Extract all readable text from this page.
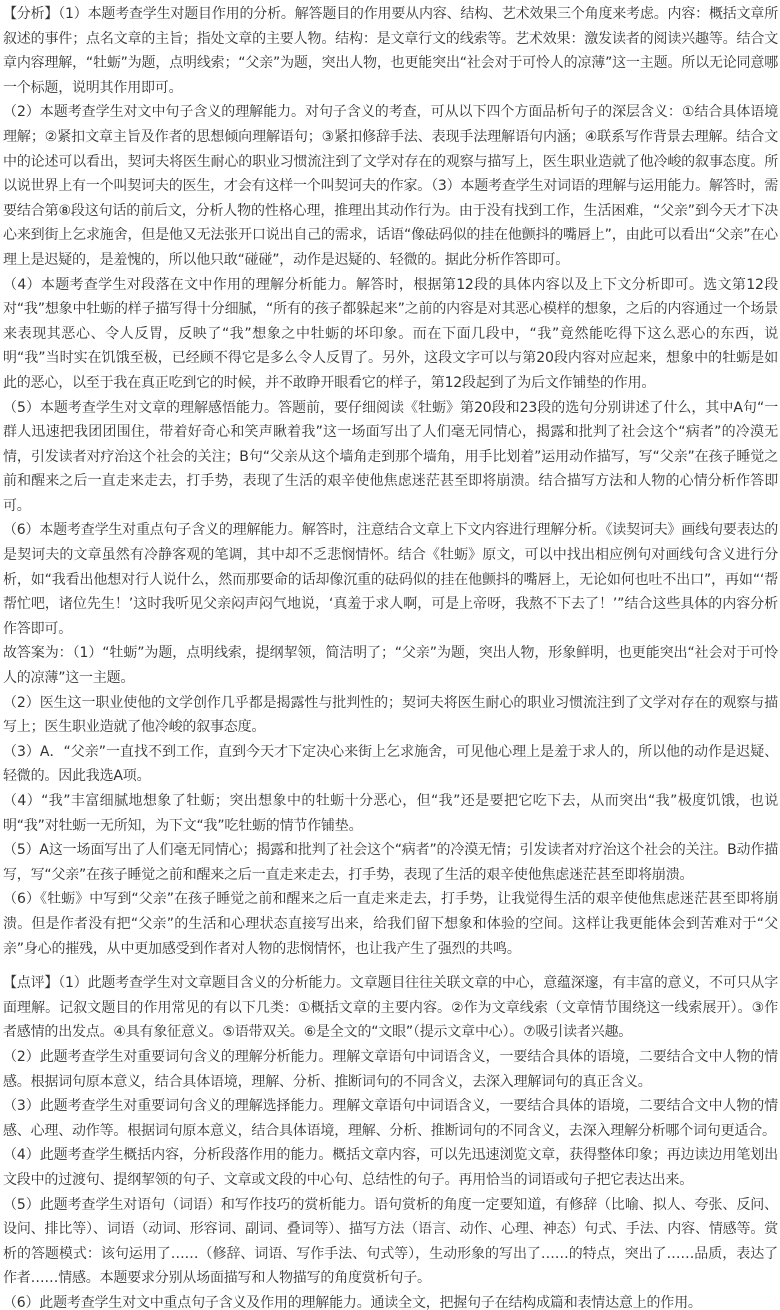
【分析】（1）本题考查学生对题目作用的分析。解答题目的作用要从内容、结构、艺术效果三个角度来考虑。内容：概括文章所叙述的事件；点名文章的主旨；指处文章的主要人物。结构：是文章行文的线索等。艺术效果：激发读者的阅读兴趣等。结合文章内容理解，“牡蛎”为题，点明线索；“父亲”为题，突出人物，也更能突出“社会对于可怜人的凉薄”这一主题。所以无论同意哪一个标题，说明其作用即可。

（2）本题考查学生对文中句子含义的理解能力。对句子含义的考查，可从以下四个方面品析句子的深层含义：①结合具体语境理解；②紧扣文章主旨及作者的思想倾向理解语句；③紧扣修辞手法、表现手法理解语句内涵；④联系写作背景去理解。结合文中的论述可以看出，契诃夫将医生耐心的职业习惯流注到了文学对存在的观察与描写上，医生职业造就了他冷峻的叙事态度。所以说世界上有一个叫契诃夫的医生，才会有这样一个叫契诃夫的作家。（3）本题考查学生对词语的理解与运用能力。解答时，需要结合第⑧段这句话的前后文，分析人物的性格心理，推理出其动作行为。由于没有找到工作，生活困难，“父亲”到今天才下决心来到街上乞求施舍，但是他又无法张开口说出自己的需求，话语“像砝码似的挂在他颤抖的嘴唇上”，由此可以看出“父亲”在心理上是迟疑的，是羞愧的，所以他只敢“碰碰”，动作是迟疑的、轻微的。据此分析作答即可。

（4）本题考查学生对段落在文中作用的理解分析能力。解答时，根据第12段的具体内容以及上下文分析即可。选文第12段对“我”想象中牡蛎的样子描写得十分细腻，“所有的孩子都躲起来”之前的内容是对其恶心模样的想象，之后的内容通过一个场景来表现其恶心、令人反胃，反映了“我”想象之中牡蛎的坏印象。而在下面几段中，“我”竟然能吃得下这么恶心的东西，说明“我”当时实在饥饿至极，已经顾不得它是多么令人反胃了。另外，这段文字可以与第20段内容对应起来，想象中的牡蛎是如此的恶心，以至于我在真正吃到它的时候，并不敢睁开眼看它的样子，第12段起到了为后文作铺垫的作用。

（5）本题考查学生对文章的理解感悟能力。答题前，要仔细阅读《牡蛎》第20段和23段的选句分别讲述了什么，其中A句“一群人迅速把我团团围住，带着好奇心和笑声瞅着我”这一场面写出了人们毫无同情心，揭露和批判了社会这个“病者”的冷漠无情，引发读者对疗治这个社会的关注；B句“父亲从这个墙角走到那个墙角，用手比划着”运用动作描写，写“父亲”在孩子睡觉之前和醒来之后一直走来走去，打手势，表现了生活的艰辛使他焦虑迷茫甚至即将崩溃。结合描写方法和人物的心情分析作答即可。

（6）本题考查学生对重点句子含义的理解能力。解答时，注意结合文章上下文内容进行理解分析。《读契诃夫》画线句要表达的是契诃夫的文章虽然有冷静客观的笔调，其中却不乏悲悯情怀。结合《牡蛎》原文，可以中找出相应例句对画线句含义进行分析，如“我看出他想对行人说什么，然而那要命的话却像沉重的砝码似的挂在他颤抖的嘴唇上，无论如何也吐不出口”，再如“‘帮帮忙吧，诸位先生！’这时我听见父亲闷声闷气地说，‘真羞于求人啊，可是上帝呀，我熬不下去了！’”结合这些具体的内容分析作答即可。

故答案为：（1）“牡蛎”为题，点明线索，提纲挈领，简洁明了；“父亲”为题，突出人物，形象鲜明，也更能突出“社会对于可怜人的凉薄”这一主题。

（2）医生这一职业使他的文学创作几乎都是揭露性与批判性的；契诃夫将医生耐心的职业习惯流注到了文学对存在的观察与描写上；医生职业造就了他冷峻的叙事态度。

（3）A．“父亲”一直找不到工作，直到今天才下定决心来街上乞求施舍，可见他心理上是羞于求人的，所以他的动作是迟疑、轻微的。因此我选A项。

（4）“我”丰富细腻地想象了牡蛎；突出想象中的牡蛎十分恶心，但“我”还是要把它吃下去，从而突出“我”极度饥饿，也说明“我”对牡蛎一无所知，为下文“我”吃牡蛎的情节作铺垫。

（5）A这一场面写出了人们毫无同情心；揭露和批判了社会这个“病者”的冷漠无情；引发读者对疗治这个社会的关注。B动作描写，写“父亲”在孩子睡觉之前和醒来之后一直走来走去，打手势，表现了生活的艰辛使他焦虑迷茫甚至即将崩溃。

（6）《牡蛎》中写到“父亲”在孩子睡觉之前和醒来之后一直走来走去，打手势，让我觉得生活的艰辛使他焦虑迷茫甚至即将崩溃。但是作者没有把“父亲”的生活和心理状态直接写出来，给我们留下想象和体验的空间。这样让我更能体会到苦难对于“父亲”身心的摧残，从中更加感受到作者对人物的悲悯情怀，也让我产生了强烈的共鸣。

【点评】（1）此题考查学生对文章题目含义的分析能力。文章题目往往关联文章的中心，意蕴深邃，有丰富的意义，不可只从字面理解。记叙文题目的作用常见的有以下几类：①概括文章的主要内容。②作为文章线索（文章情节围绕这一线索展开）。③作者感情的出发点。④具有象征意义。⑤语带双关。⑥是全文的“文眼”（提示文章中心）。⑦吸引读者兴趣。

（2）此题考查学生对重要词句含义的理解分析能力。理解文章语句中词语含义，一要结合具体的语境，二要结合文中人物的情感。根据词句原本意义，结合具体语境，理解、分析、推断词句的不同含义，去深入理解词句的真正含义。

（3）此题考查学生对重要词句含义的理解选择能力。理解文章语句中词语含义，一要结合具体的语境，二要结合文中人物的情感、心理、动作等。根据词句原本意义，结合具体语境，理解、分析、推断词句的不同含义，去深入理解分析哪个词句更适合。

（4）此题考查学生概括内容，分析段落作用的能力。概括文章内容，可以先迅速浏览文章，获得整体印象；再边读边用笔划出文段中的过渡句、提纲挈领的句子、文章或文段的中心句、总结性的句子。再用恰当的词语或句子把它表达出来。

（5）此题考查学生对语句（词语）和写作技巧的赏析能力。语句赏析的角度一定要知道，有修辞（比喻、拟人、夸张、反问、设问、排比等）、词语（动词、形容词、副词、叠词等）、描写方法（语言、动作、心理、神态）句式、手法、内容、情感等。赏析的答题模式：该句运用了……（修辞、词语、写作手法、句式等），生动形象的写出了……的特点，突出了……品质，表达了作者……情感。本题要求分别从场面描写和人物描写的角度赏析句子。

（6）此题考查学生对文中重点句子含义及作用的理解能力。通读全文，把握句子在结构成篇和表情达意上的作用。
